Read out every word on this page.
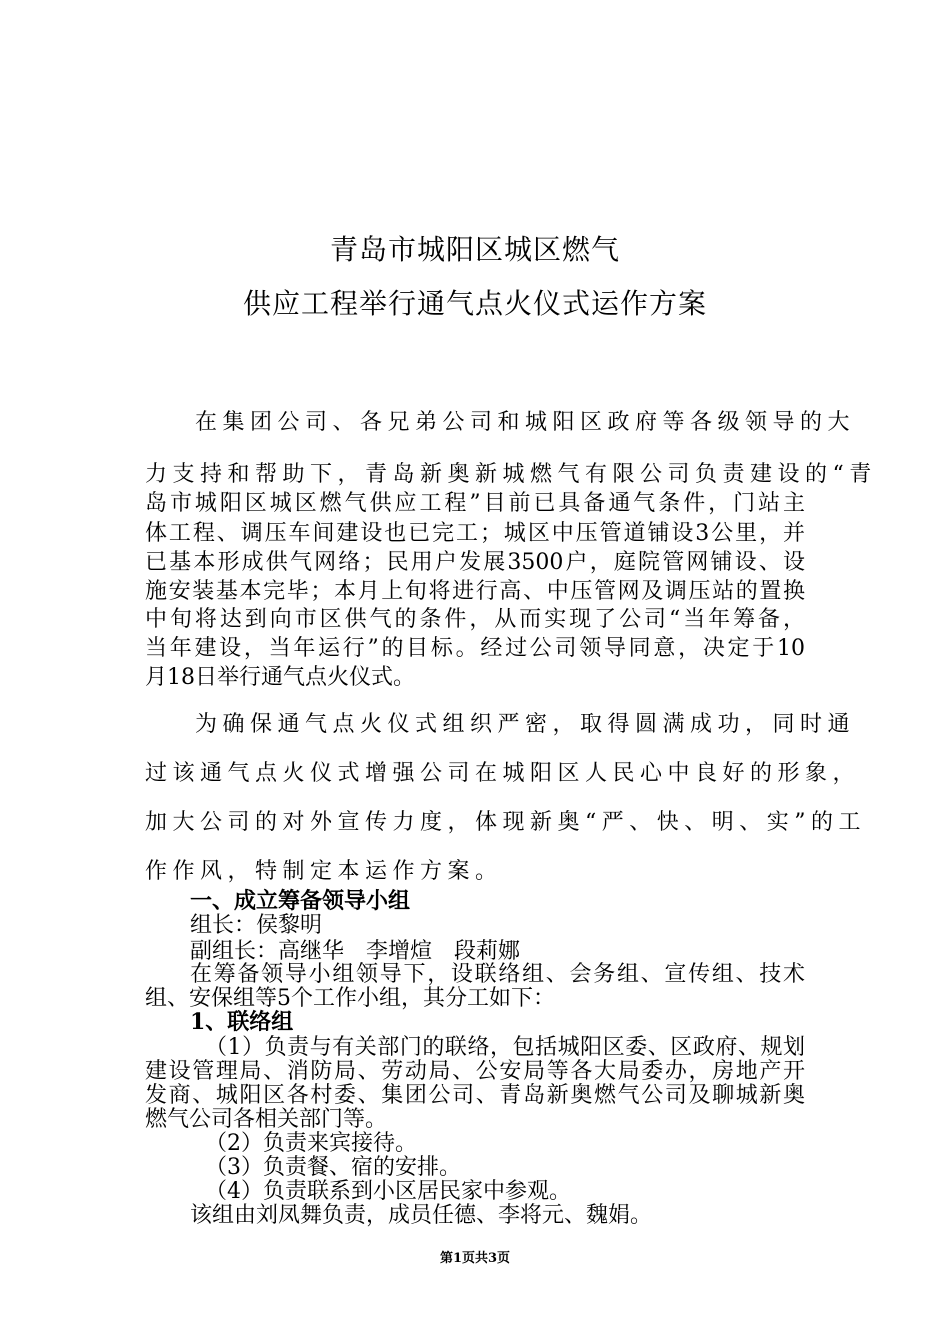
青岛市城阳区城区燃气
供应工程举行通气点火仪式运作方案
在集团公司、各兄弟公司和城阳区政府等各级领导的大
力支持和帮助下，青岛新奥新城燃气有限公司负责建设的“青
岛市城阳区城区燃气供应工程”目前已具备通气条件，门站主
体工程、调压车间建设也已完工；城区中压管道铺设3公里，并
已基本形成供气网络；民用户发展3500户，庭院管网铺设、设
施安装基本完毕；本月上旬将进行高、中压管网及调压站的置换
中旬将达到向市区供气的条件，从而实现了公司“当年筹备，
当年建设，当年运行”的目标。经过公司领导同意，决定于10
月18日举行通气点火仪式。
为确保通气点火仪式组织严密，取得圆满成功，同时通
过该通气点火仪式增强公司在城阳区人民心中良好的形象，
加大公司的对外宣传力度，体现新奥“严、快、明、实”的工
作作风，特制定本运作方案。
一、成立筹备领导小组
组长：侯黎明
副组长：高继华　李增煊　段莉娜
在筹备领导小组领导下，设联络组、会务组、宣传组、技术
组、安保组等5个工作小组，其分工如下：
1、联络组
（1）负责与有关部门的联络，包括城阳区委、区政府、规划
建设管理局、消防局、劳动局、公安局等各大局委办，房地产开
发商、城阳区各村委、集团公司、青岛新奥燃气公司及聊城新奥
燃气公司各相关部门等。
（2）负责来宾接待。
（3）负责餐、宿的安排。
（4）负责联系到小区居民家中参观。
该组由刘凤舞负责，成员任德、李将元、魏娟。
第1页共3页
